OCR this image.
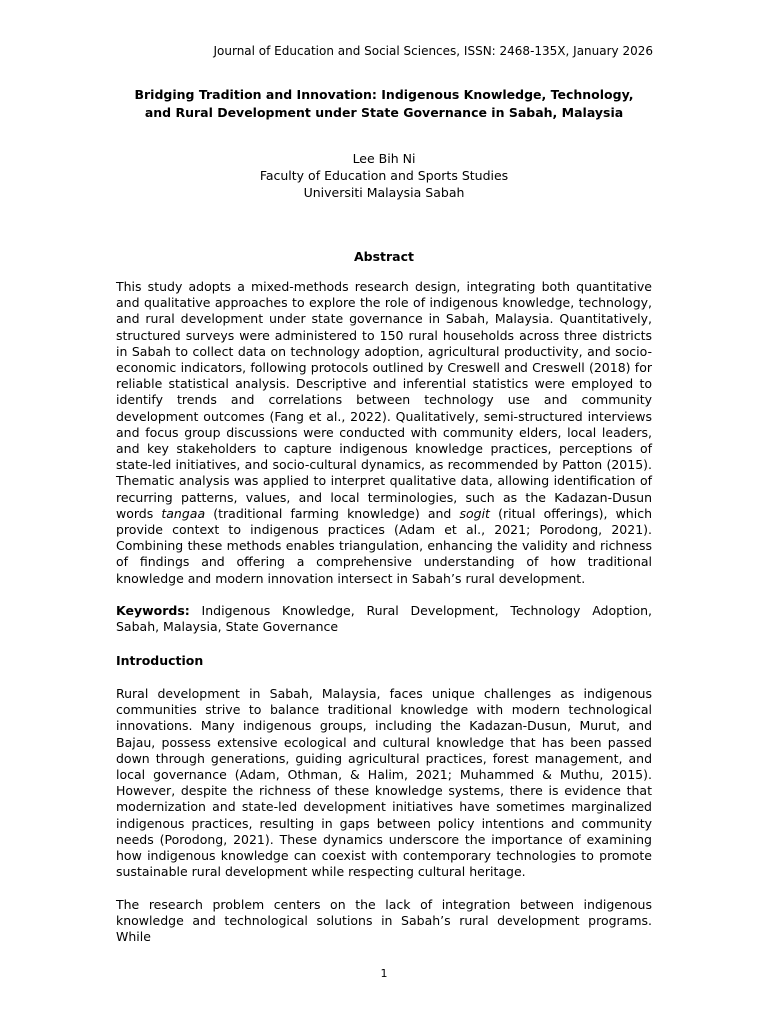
Journal of Education and Social Sciences, ISSN: 2468-135X, January 2026
Bridging Tradition and Innovation: Indigenous Knowledge, Technology,
and Rural Development under State Governance in Sabah, Malaysia
Lee Bih Ni
Faculty of Education and Sports Studies
Universiti Malaysia Sabah
Abstract

This study adopts a mixed-methods research design, integrating both quantitative and qualitative approaches to explore the role of indigenous knowledge, technology, and rural development under state governance in Sabah, Malaysia. Quantitatively, structured surveys were administered to 150 rural households across three districts in Sabah to collect data on technology adoption, agricultural productivity, and socio-economic indicators, following protocols outlined by Creswell and Creswell (2018) for reliable statistical analysis. Descriptive and inferential statistics were employed to identify trends and correlations between technology use and community development outcomes (Fang et al., 2022). Qualitatively, semi-structured interviews and focus group discussions were conducted with community elders, local leaders, and key stakeholders to capture indigenous knowledge practices, perceptions of state-led initiatives, and socio-cultural dynamics, as recommended by Patton (2015). Thematic analysis was applied to interpret qualitative data, allowing identification of recurring patterns, values, and local terminologies, such as the Kadazan-Dusun words tangaa (traditional farming knowledge) and sogit (ritual offerings), which provide context to indigenous practices (Adam et al., 2021; Porodong, 2021). Combining these methods enables triangulation, enhancing the validity and richness of findings and offering a comprehensive understanding of how traditional knowledge and modern innovation intersect in Sabah’s rural development.

Keywords: Indigenous Knowledge, Rural Development, Technology Adoption, Sabah, Malaysia, State Governance

Introduction

Rural development in Sabah, Malaysia, faces unique challenges as indigenous communities strive to balance traditional knowledge with modern technological innovations. Many indigenous groups, including the Kadazan-Dusun, Murut, and Bajau, possess extensive ecological and cultural knowledge that has been passed down through generations, guiding agricultural practices, forest management, and local governance (Adam, Othman, & Halim, 2021; Muhammed & Muthu, 2015). However, despite the richness of these knowledge systems, there is evidence that modernization and state-led development initiatives have sometimes marginalized indigenous practices, resulting in gaps between policy intentions and community needs (Porodong, 2021). These dynamics underscore the importance of examining how indigenous knowledge can coexist with contemporary technologies to promote sustainable rural development while respecting cultural heritage.

The research problem centers on the lack of integration between indigenous knowledge and technological solutions in Sabah’s rural development programs. While

1
